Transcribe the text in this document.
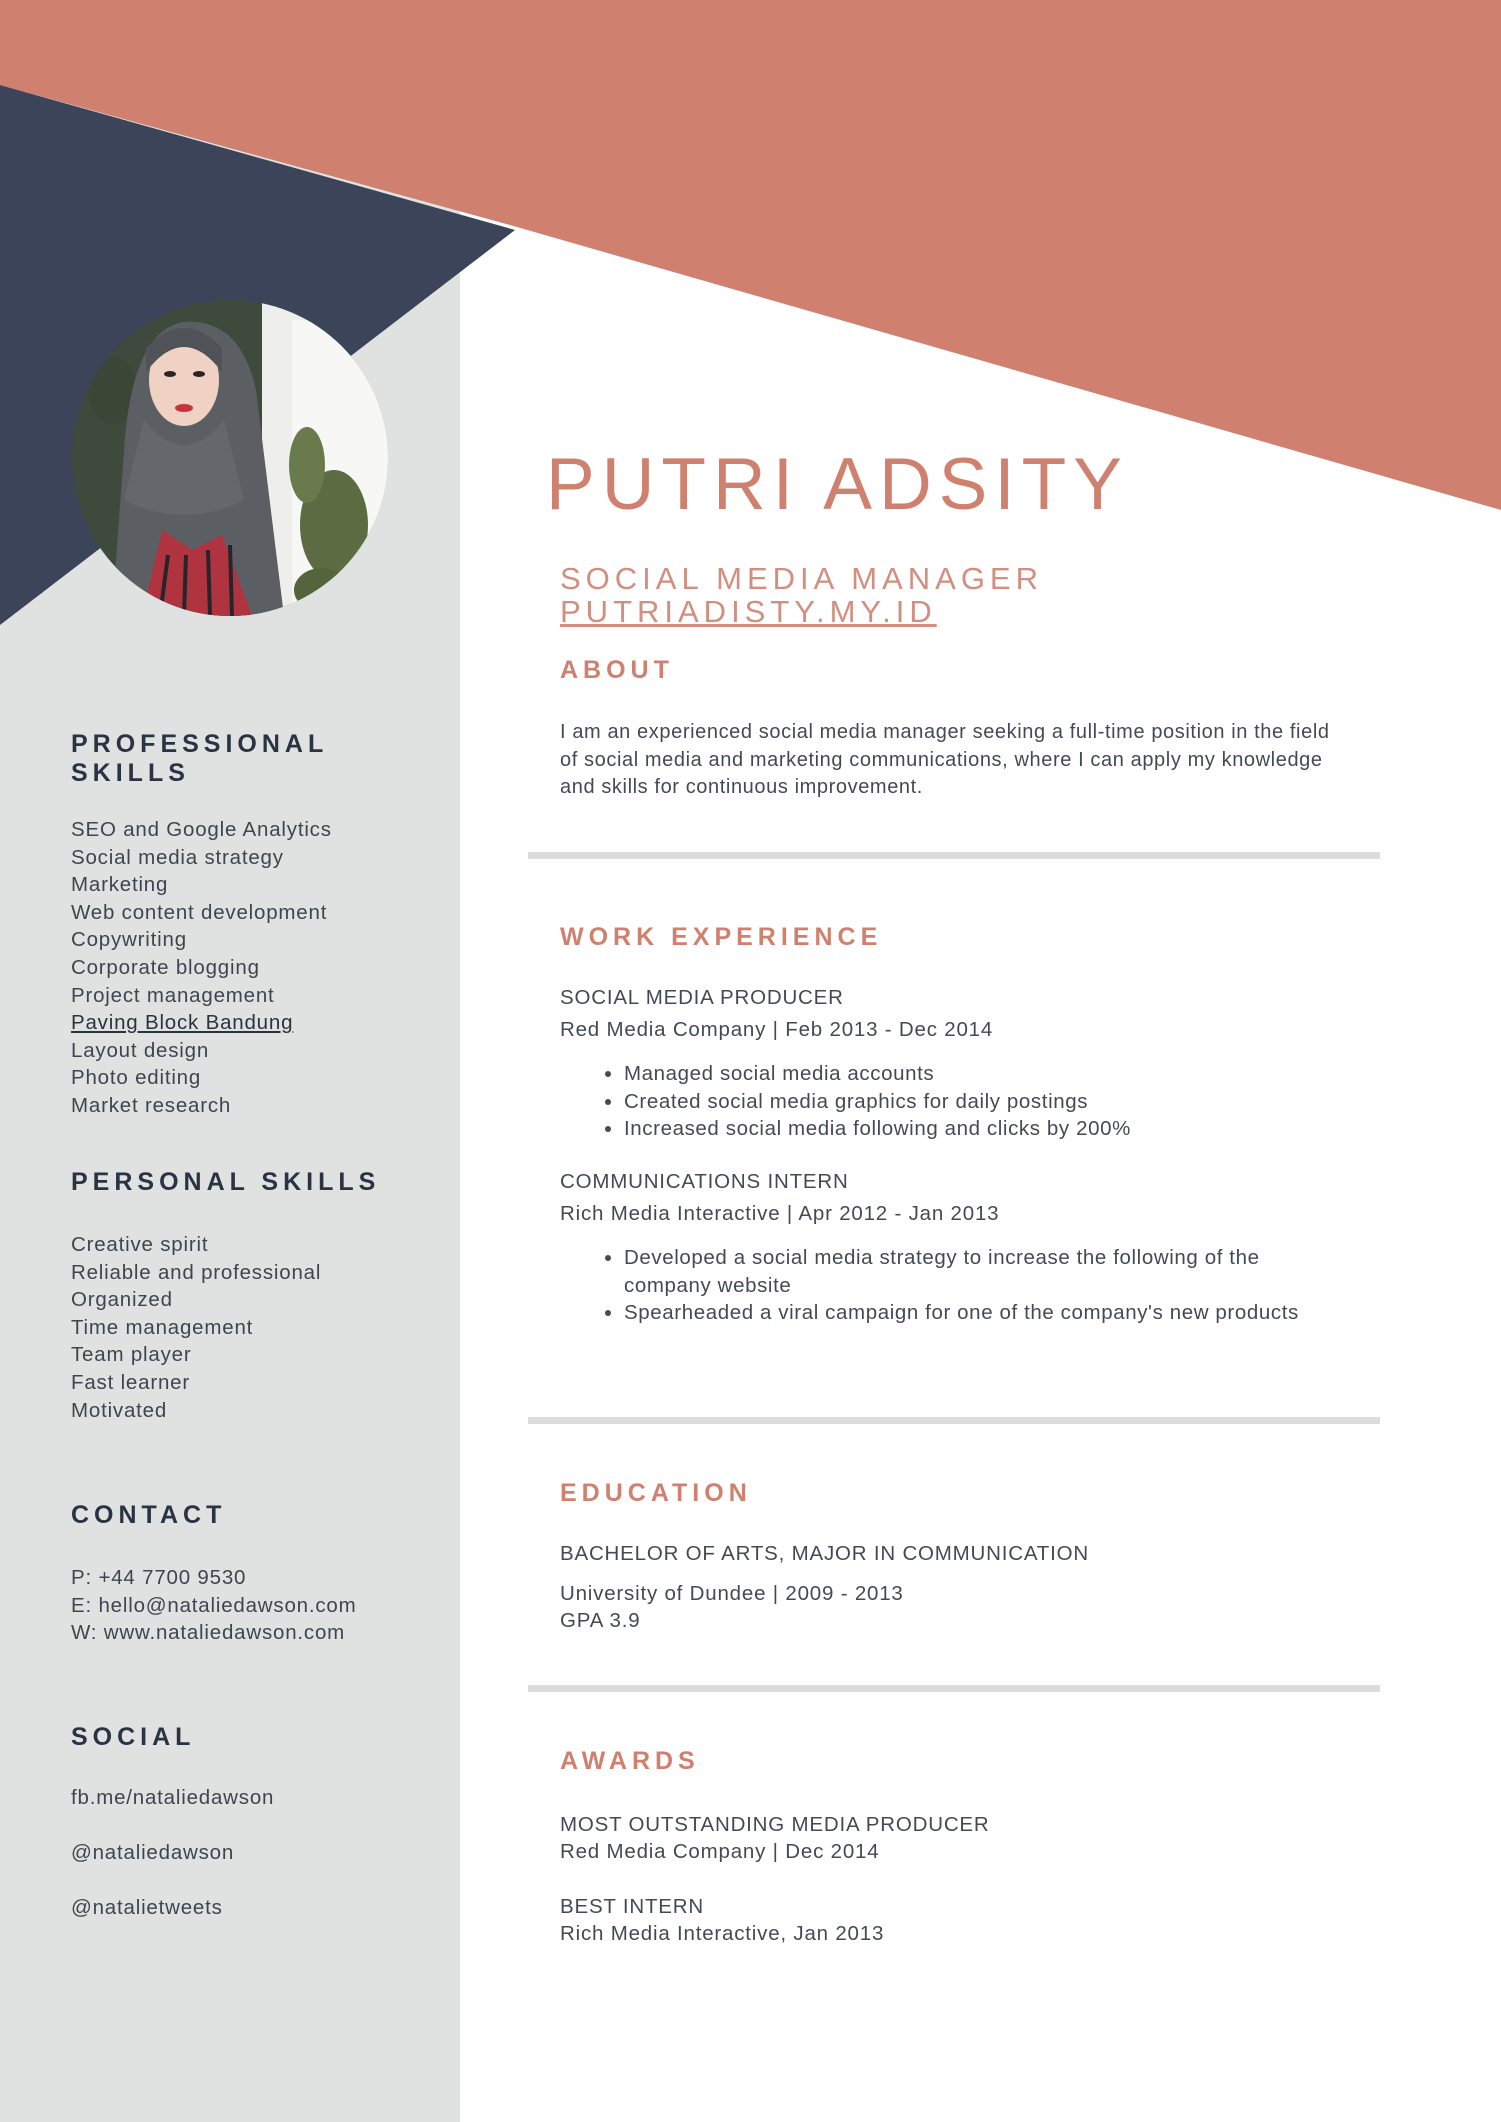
PROFESSIONAL SKILLS
SEO and Google Analytics
Social media strategy
Marketing
Web content development
Copywriting
Corporate blogging
Project management
Paving Block Bandung
Layout design
Photo editing
Market research
PERSONAL SKILLS
Creative spirit
Reliable and professional
Organized
Time management
Team player
Fast learner
Motivated
CONTACT
P: +44 7700 9530
E: hello@nataliedawson.com
W: www.nataliedawson.com
SOCIAL
fb.me/nataliedawson
@nataliedawson
@natalietweets
PUTRI ADSITY
SOCIAL MEDIA MANAGER
PUTRIADISTY.MY.ID
ABOUT

I am an experienced social media manager seeking a full-time position in the field of social media and marketing communications, where I can apply my knowledge and skills for continuous improvement.

WORK EXPERIENCE
SOCIAL MEDIA PRODUCER
Red Media Company | Feb 2013 - Dec 2014
• Managed social media accounts
• Created social media graphics for daily postings
• Increased social media following and clicks by 200%
COMMUNICATIONS INTERN
Rich Media Interactive | Apr 2012 - Jan 2013
• Developed a social media strategy to increase the following of the company website
• Spearheaded a viral campaign for one of the company's new products
EDUCATION
BACHELOR OF ARTS, MAJOR IN COMMUNICATION
University of Dundee | 2009 - 2013
GPA 3.9
AWARDS
MOST OUTSTANDING MEDIA PRODUCER
Red Media Company | Dec 2014
BEST INTERN
Rich Media Interactive, Jan 2013
